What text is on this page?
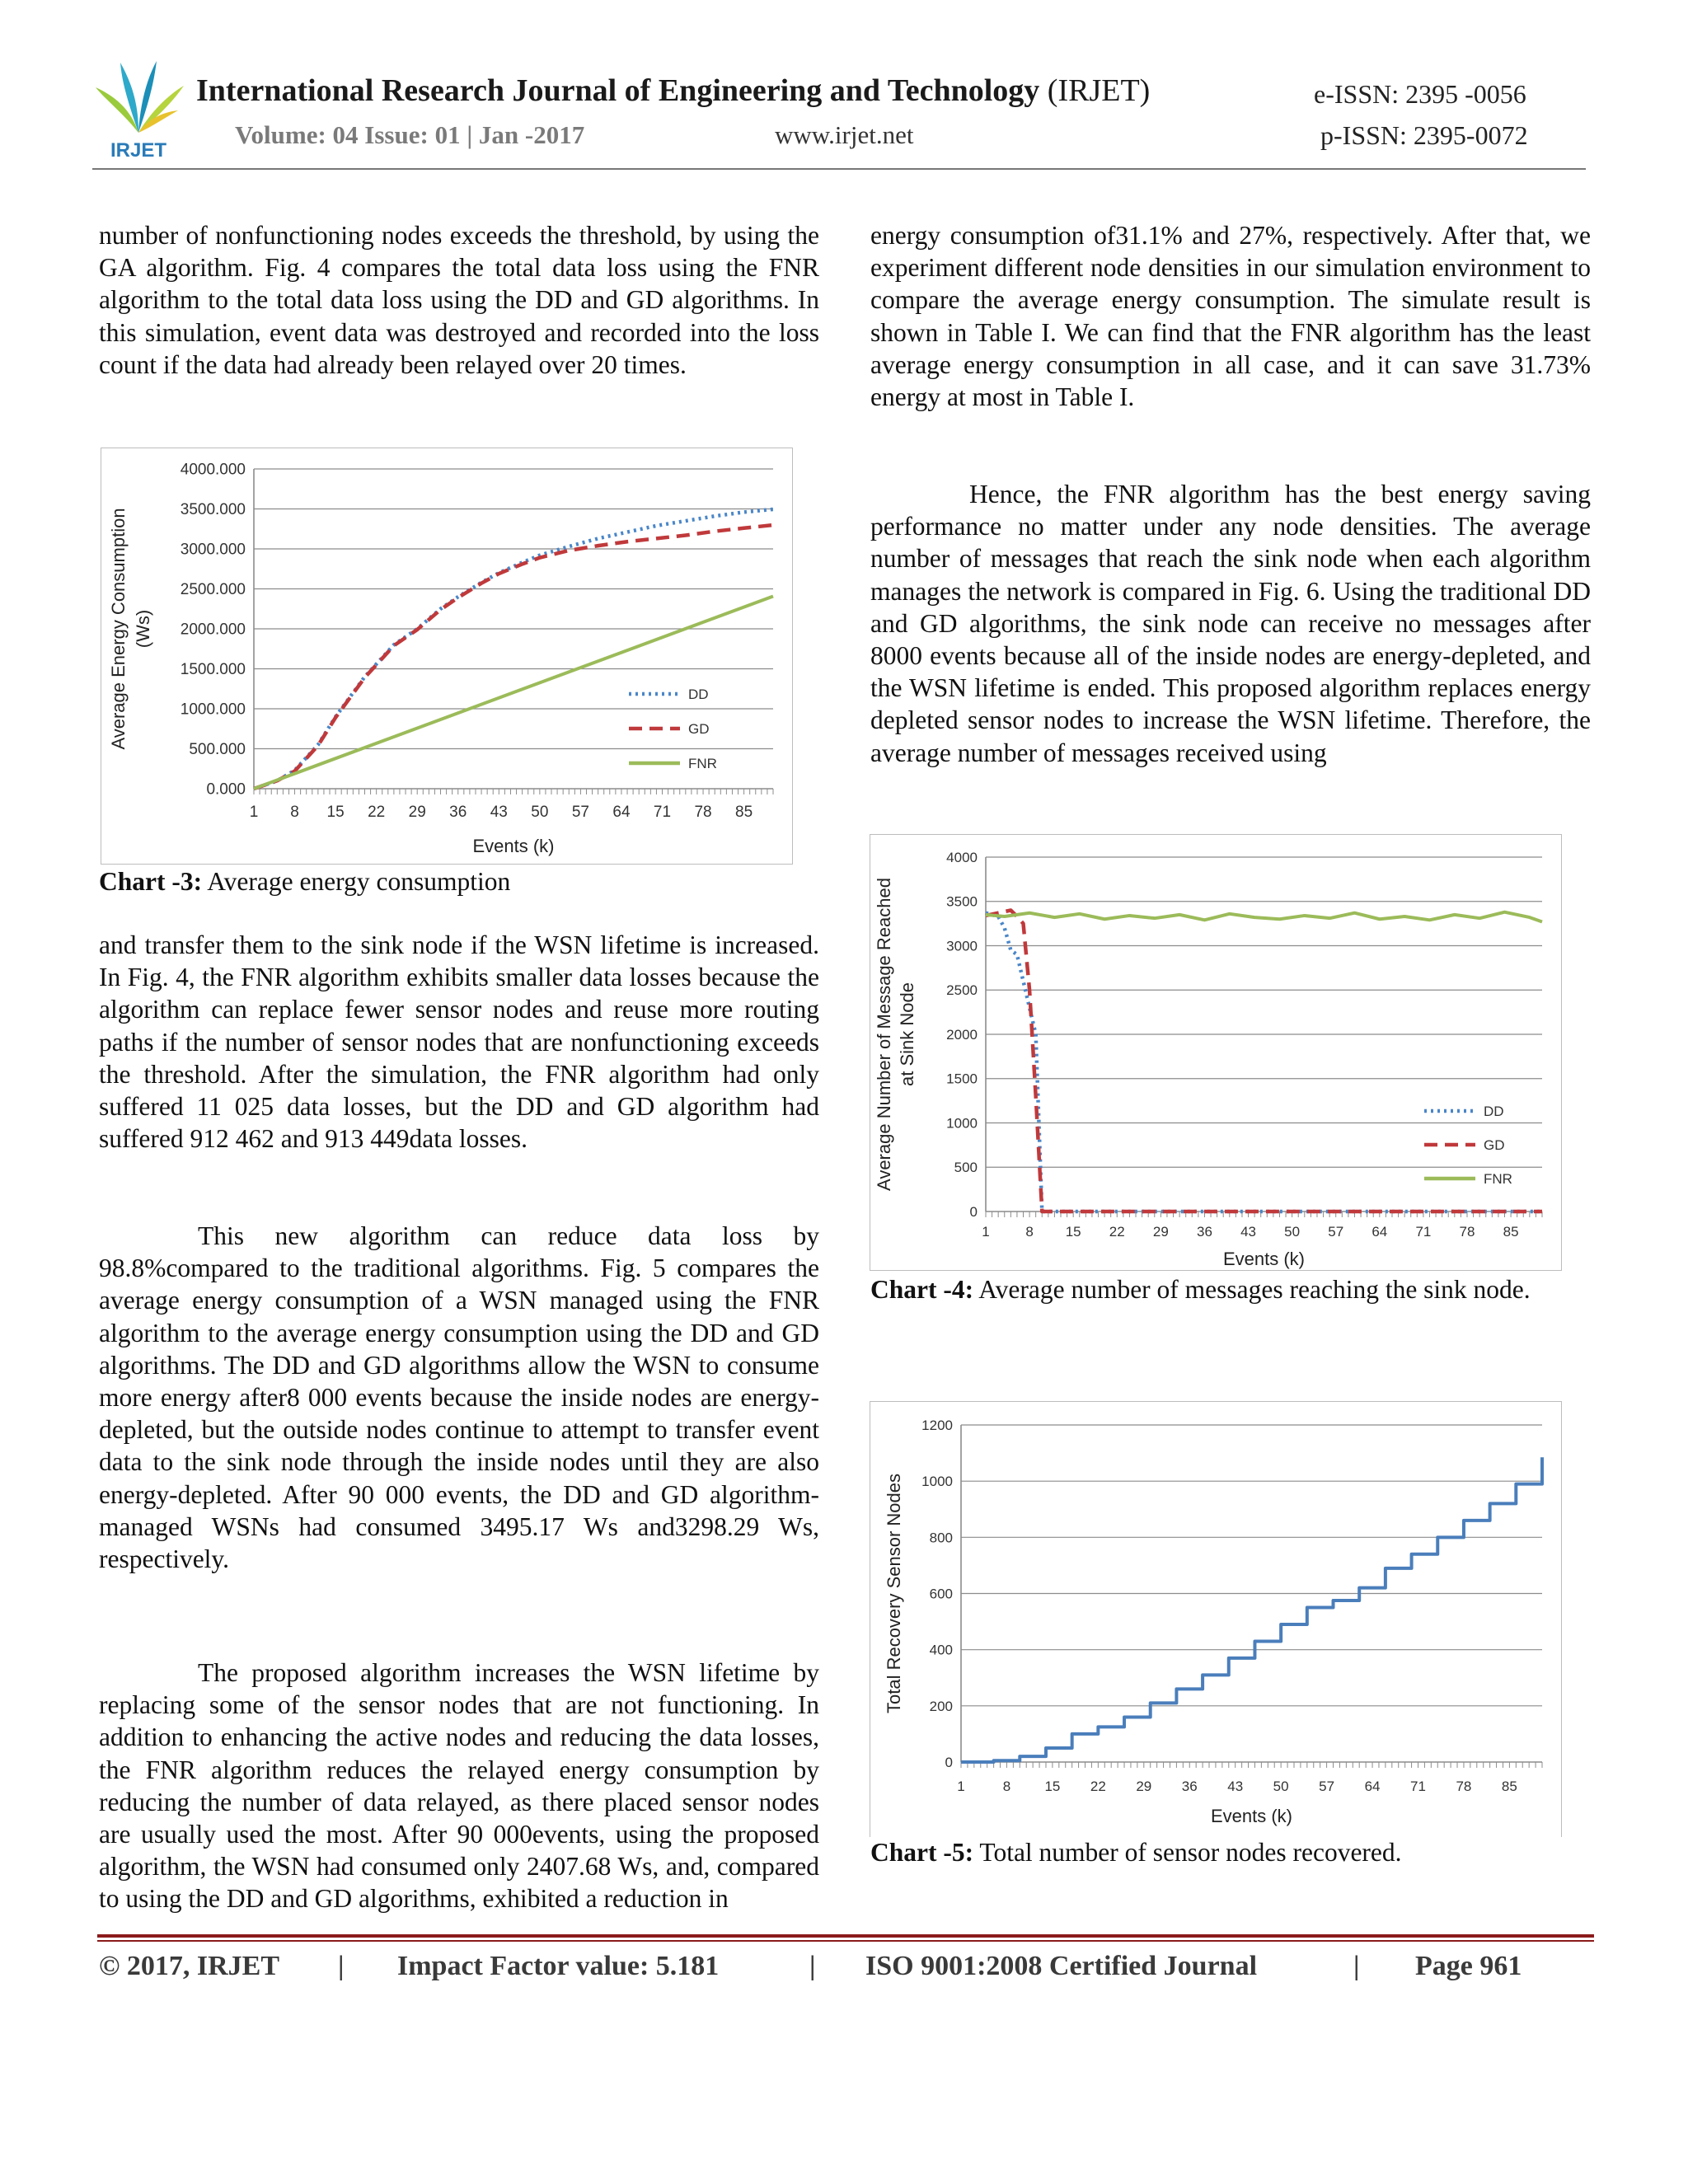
IRJET
International Research Journal of Engineering and Technology (IRJET)
Volume: 04 Issue: 01 | Jan -2017	www.irjet.net
e-ISSN: 2395 -0056
p-ISSN: 2395-0072
number of nonfunctioning nodes exceeds the threshold, by using the GA algorithm. Fig. 4 compares the total data loss using the FNR algorithm to the total data loss using the DD and GD algorithms. In this simulation, event data was destroyed and recorded into the loss count if the data had already been relayed over 20 times.
0.000
500.000
1000.000
1500.000
2000.000
2500.000
3000.000
3500.000
4000.000
1 8 15 22 29 36 43 50 57 64 71 78 85
Events (k)
Average Energy Consumption (Ws)
DD
GD
FNR
Chart -3: Average energy consumption
and transfer them to the sink node if the WSN lifetime is increased. In Fig. 4, the FNR algorithm exhibits smaller data losses because the algorithm can replace fewer sensor nodes and reuse more routing paths if the number of sensor nodes that are nonfunctioning exceeds the threshold. After the simulation, the FNR algorithm had only suffered 11 025 data losses, but the DD and GD algorithm had suffered 912 462 and 913 449data losses.
This new algorithm can reduce data loss by 98.8%compared to the traditional algorithms. Fig. 5 compares the average energy consumption of a WSN managed using the FNR algorithm to the average energy consumption using the DD and GD algorithms. The DD and GD algorithms allow the WSN to consume more energy after8 000 events because the inside nodes are energy-depleted, but the outside nodes continue to attempt to transfer event data to the sink node through the inside nodes until they are also energy-depleted. After 90 000 events, the DD and GD algorithm-managed WSNs had consumed 3495.17 Ws and3298.29 Ws, respectively.
The proposed algorithm increases the WSN lifetime by replacing some of the sensor nodes that are not functioning. In addition to enhancing the active nodes and reducing the data losses, the FNR algorithm reduces the relayed energy consumption by reducing the number of data relayed, as there placed sensor nodes are usually used the most. After 90 000events, using the proposed algorithm, the WSN had consumed only 2407.68 Ws, and, compared to using the DD and GD algorithms, exhibited a reduction in
energy consumption of31.1% and 27%, respectively. After that, we experiment different node densities in our simulation environment to compare the average energy consumption. The simulate result is shown in Table I. We can find that the FNR algorithm has the least average energy consumption in all case, and it can save 31.73% energy at most in Table I.
Hence, the FNR algorithm has the best energy saving performance no matter under any node densities. The average number of messages that reach the sink node when each algorithm manages the network is compared in Fig. 6. Using the traditional DD and GD algorithms, the sink node can receive no messages after 8000 events because all of the inside nodes are energy-depleted, and the WSN lifetime is ended. This proposed algorithm replaces energy depleted sensor nodes to increase the WSN lifetime. Therefore, the average number of messages received using
0
500
1000
1500
2000
2500
3000
3500
4000
1	8 15 22 29 36 43 50 57 64 71 78 85
Events (k)
Average Number of Message Reached at Sink Node
DD
GD
FNR
Chart -4: Average number of messages reaching the sink node.
0
200
400
600
800
1000
1200
1	8 15 22 29 36 43 50 57 64 71 78 85
Events (k)
Total Recovery Sensor Nodes
Chart -5: Total number of sensor nodes recovered.
© 2017, IRJET | Impact Factor value: 5.181	| ISO 9001:2008 Certified Journal	| Page 961
